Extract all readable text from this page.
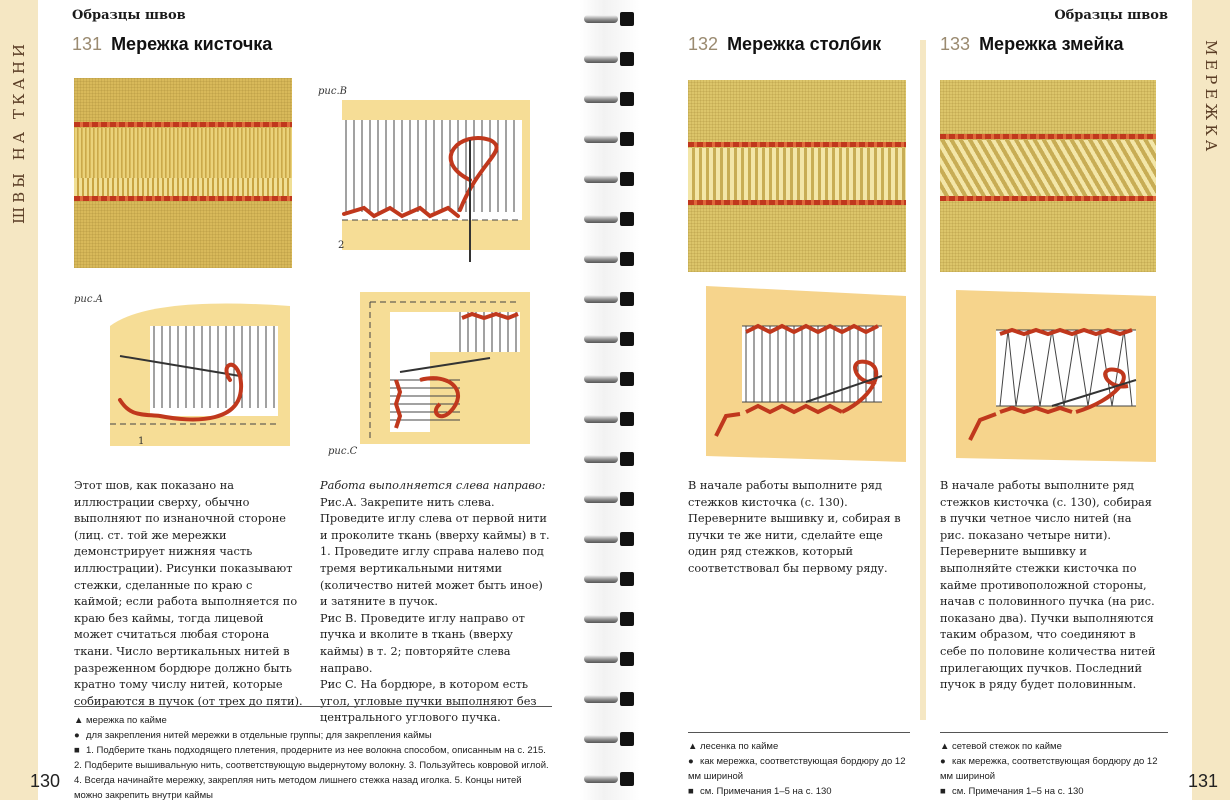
ШВЫ НА ТКАНИ
130
Образцы швов
131 Мережка кисточка
рис.B
2
рис.A
1
рис.C

Этот шов, как показано на иллюстрации сверху, обычно выполняют по изнаночной стороне (лиц. ст. той же мережки демонстрирует нижняя часть иллюстрации). Рисунки показывают стежки, сделанные по краю с каймой; если работа выполняется по краю без каймы, тогда лицевой может считаться любая сторона ткани. Число вертикальных нитей в разреженном бордюре должно быть кратно тому числу нитей, которые собираются в пучок (от трех до пяти).

Работа выполняется слева направо:

Рис.A. Закрепите нить слева. Проведите иглу слева от первой нити и проколите ткань (вверху каймы) в т. 1. Проведите иглу справа налево под тремя вертикальными нитями (количество нитей может быть иное) и затяните в пучок.

Рис B. Проведите иглу направо от пучка и вколите в ткань (вверху каймы) в т. 2; повторяйте слева направо.

Рис C. На бордюре, в котором есть угол, угловые пучки выполняют без центрального углового пучка.

▲ мережка по кайме
● для закрепления нитей мережки в отдельные группы; для закрепления каймы
■ 1. Подберите ткань подходящего плетения, продерните из нее волокна способом, описанным на с. 215. 2. Подберите вышивальную нить, соответствующую выдернутому волокну. 3. Пользуйтесь ковровой иглой. 4. Всегда начинайте мережку, закрепляя нить методом лишнего стежка назад иголка. 5. Концы нитей можно закрепить внутри каймы
МЕРЕЖКА
Образцы швов
131
132 Мережка столбик

В начале работы выполните ряд стежков кисточка (с. 130). Переверните вышивку и, собирая в пучки те же нити, сделайте еще один ряд стежков, который соответствовал бы первому ряду.

▲ лесенка по кайме
● как мережка, соответствующая бордюру до 12 мм шириной
■ см. Примечания 1–5 на с. 130
133 Мережка змейка

В начале работы выполните ряд стежков кисточка (с. 130), собирая в пучки четное число нитей (на рис. показано четыре нити). Переверните вышивку и выполняйте стежки кисточка по кайме противоположной стороны, начав с половинного пучка (на рис. показано два). Пучки выполняются таким образом, что соединяют в себе по половине количества нитей прилегающих пучков. Последний пучок в ряду будет половинным.

▲ сетевой стежок по кайме
● как мережка, соответствующая бордюру до 12 мм шириной
■ см. Примечания 1–5 на с. 130
